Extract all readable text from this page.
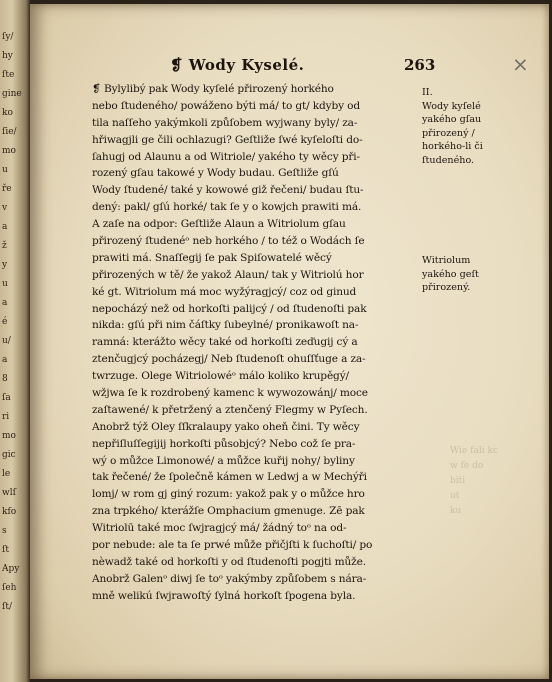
ſy/
hy
ſte
gine
ko
ſie/
mo
u
ře
v
a
ž
y
u
a
é
u/
a
8
ſa
ri
mo
gic
le
wlſ
kfo
s
ſt
Apy
ſeh
ſt/
×
❡ Wody Kyselé.	263
❡ Bylylibý pak Wody kyſelé přirozený horkého
nebo ſtudeného/ powáženo býti má/ to gt/ kdyby od
tila naſſeho yakýmkoli způſobem wyjwany byly/ za-
hřiwagjli ge čili ochlazugi? Geſtliže ſwé kyſeloſti do-
ſahugj od Alaunu a od Witriole/ yakého ty wěcy při-
rozený gſau takowé y Wody budau. Geſtliže gſú
Wody ſtudené/ také y kowowé giž řečeni/ budau ſtu-
dený: pakl/ gſú horké/ tak ſe y o kowjch prawiti má.
A zaſe na odpor: Geſtliže Alaun a Witriolum gſau
přirozený ſtudenéᵒ neb horkého / to též o Wodách ſe
prawiti má. Snaſſegij ſe pak Spiſowatelé wěcý
přirozených w tě/ že yakož Alaun/ tak y Witriolú hor
ké gt. Witriolum má moc wyžýragjcý/ coz od ginud
nepocházý než od horkoſti palijcý / od ſtudenoſti pak
nikda: gſú při nim čáſtky ſubeylné/ pronikawoſt na-
ramná: kterážto wěcy také od horkoſti zeďugij cý a
ztenčugjcý pocházegj/ Neb ſtudenoſt ohuſſťuge a za-
twrzuge. Olege Witriolowéᵒ málo kolikо krupěgý/
wžjwa ſe k rozdrobený kamenc k wywozowánj/ moce
zaſtawené/ k přetržený a ztenčený Flegmy w Pyſech.
Anobrž týž Oley ſſkralaupy yako oheň čini. Ty wěcy
nepřiſluſſegijij horkoſti působjcý? Nebo což ſe pra-
wý o můžce Limonowé/ a můžce kuřij nohy/ byliny
tak řečené/ že ſpolečně kámen w Ledwj a w Mechýři
lomj/ w rom gj giný rozum: yakož pak y o můžce hro
zna trpkého/ kterážſe Omphacium gmenuge. Zē pak
Witriolū také moc ſwjragjcý má/ žádný toᵒ na od-
por nebude: ale ta ſe prwé může přičjſti k ſuchoſti/ po
nèwadž také od horkoſti y od ſtudenoſti pogjti může.
Anobrž Galenᵒ diwj ſe toᵒ yakýmby způſobem s nára-
mně welikú ſwjrawoſtý ſylná horkoſt ſpogena byla.
II.
Wody kyſelé
yakého gſau
přirozený /
horkého-li či
ſtudeného.
Witriolum
yakého geſt
přirozený.
Wie fali kc
w fe do
biti
ut
ku
